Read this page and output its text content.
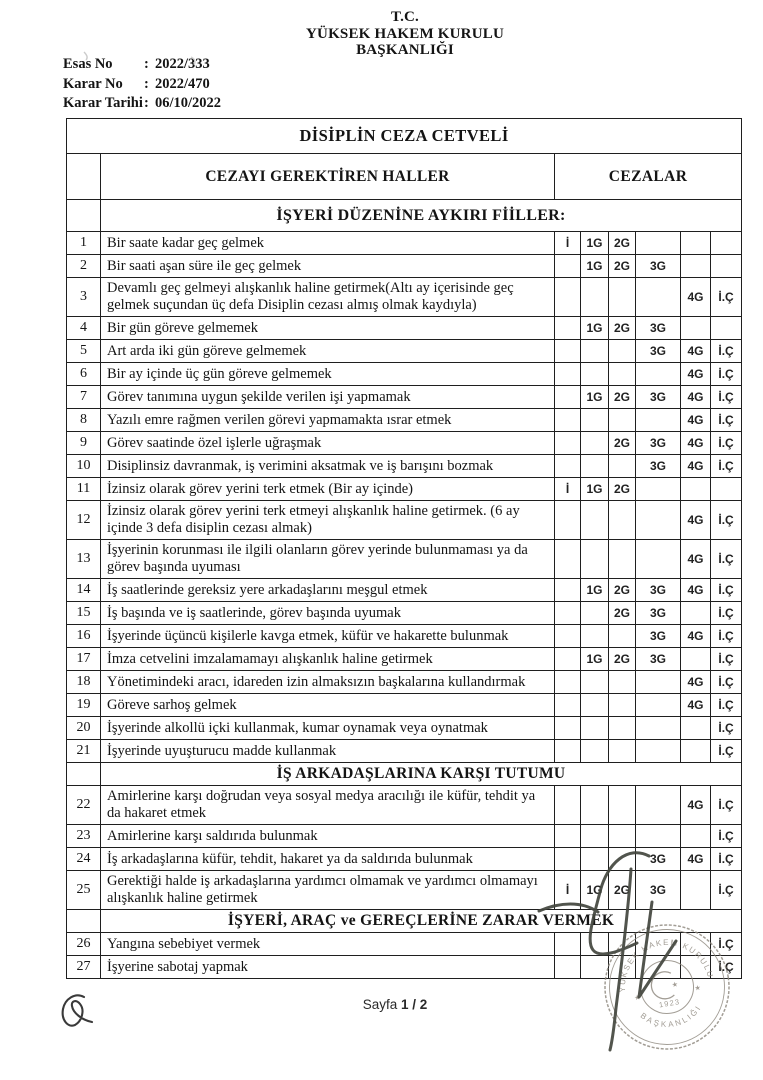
T.C.
YÜKSEK HAKEM KURULU
BAŞKANLIĞI
Esas No : 2022/333
Karar No : 2022/470
Karar Tarihi: 06/10/2022
DİSİPLİN CEZA CETVELİ							
	CEZAYI GEREKTİREN HALLER	CEZALAR					
	İŞYERİ DÜZENİNE AYKIRI FİİLLER:						
1	Bir saate kadar geç gelmek	İ	1G	2G			
2	Bir saati aşan süre ile geç gelmek		1G	2G	3G		
3	Devamlı geç gelmeyi alışkanlık haline getirmek(Altı ay içerisinde geç gelmek suçundan üç defa Disiplin cezası almış olmak kaydıyla)					4G	İ.Ç
4	Bir gün göreve gelmemek		1G	2G	3G		
5	Art arda iki gün göreve gelmemek				3G	4G	İ.Ç
6	Bir ay içinde üç gün göreve gelmemek					4G	İ.Ç
7	Görev tanımına uygun şekilde verilen işi yapmamak		1G	2G	3G	4G	İ.Ç
8	Yazılı emre rağmen verilen görevi yapmamakta ısrar etmek					4G	İ.Ç
9	Görev saatinde özel işlerle uğraşmak			2G	3G	4G	İ.Ç
10	Disiplinsiz davranmak, iş verimini aksatmak ve iş barışını bozmak				3G	4G	İ.Ç
11	İzinsiz olarak görev yerini terk etmek (Bir ay içinde)	İ	1G	2G			
12	İzinsiz olarak görev yerini terk etmeyi alışkanlık haline getirmek. (6 ay içinde 3 defa disiplin cezası almak)					4G	İ.Ç
13	İşyerinin korunması ile ilgili olanların görev yerinde bulunmaması ya da görev başında uyuması					4G	İ.Ç
14	İş saatlerinde gereksiz yere arkadaşlarını meşgul etmek		1G	2G	3G	4G	İ.Ç
15	İş başında ve iş saatlerinde, görev başında uyumak			2G	3G		İ.Ç
16	İşyerinde üçüncü kişilerle kavga etmek, küfür ve hakarette bulunmak				3G	4G	İ.Ç
17	İmza cetvelini imzalamamayı alışkanlık haline getirmek		1G	2G	3G		İ.Ç
18	Yönetimindeki aracı, idareden izin almaksızın başkalarına kullandırmak					4G	İ.Ç
19	Göreve sarhoş gelmek					4G	İ.Ç
20	İşyerinde alkollü içki kullanmak, kumar oynamak veya oynatmak						İ.Ç
21	İşyerinde uyuşturucu madde kullanmak						İ.Ç
	İŞ ARKADAŞLARINA KARŞI TUTUMU						
22	Amirlerine karşı doğrudan veya sosyal medya aracılığı ile küfür, tehdit ya da hakaret etmek					4G	İ.Ç
23	Amirlerine karşı saldırıda bulunmak						İ.Ç
24	İş arkadaşlarına küfür, tehdit, hakaret ya da saldırıda bulunmak				3G	4G	İ.Ç
25	Gerektiği halde iş arkadaşlarına yardımcı olmamak ve yardımcı olmamayı alışkanlık haline getirmek	İ	1G	2G	3G		İ.Ç
	İŞYERİ, ARAÇ ve GEREÇLERİNE ZARAR VERMEK						
26	Yangına sebebiyet vermek						İ.Ç
27	İşyerine sabotaj yapmak						İ.Ç
YÜKSEK HAKEM KURULU
BAŞKANLIĞI
★
★
★
1923
Sayfa 1 / 2
